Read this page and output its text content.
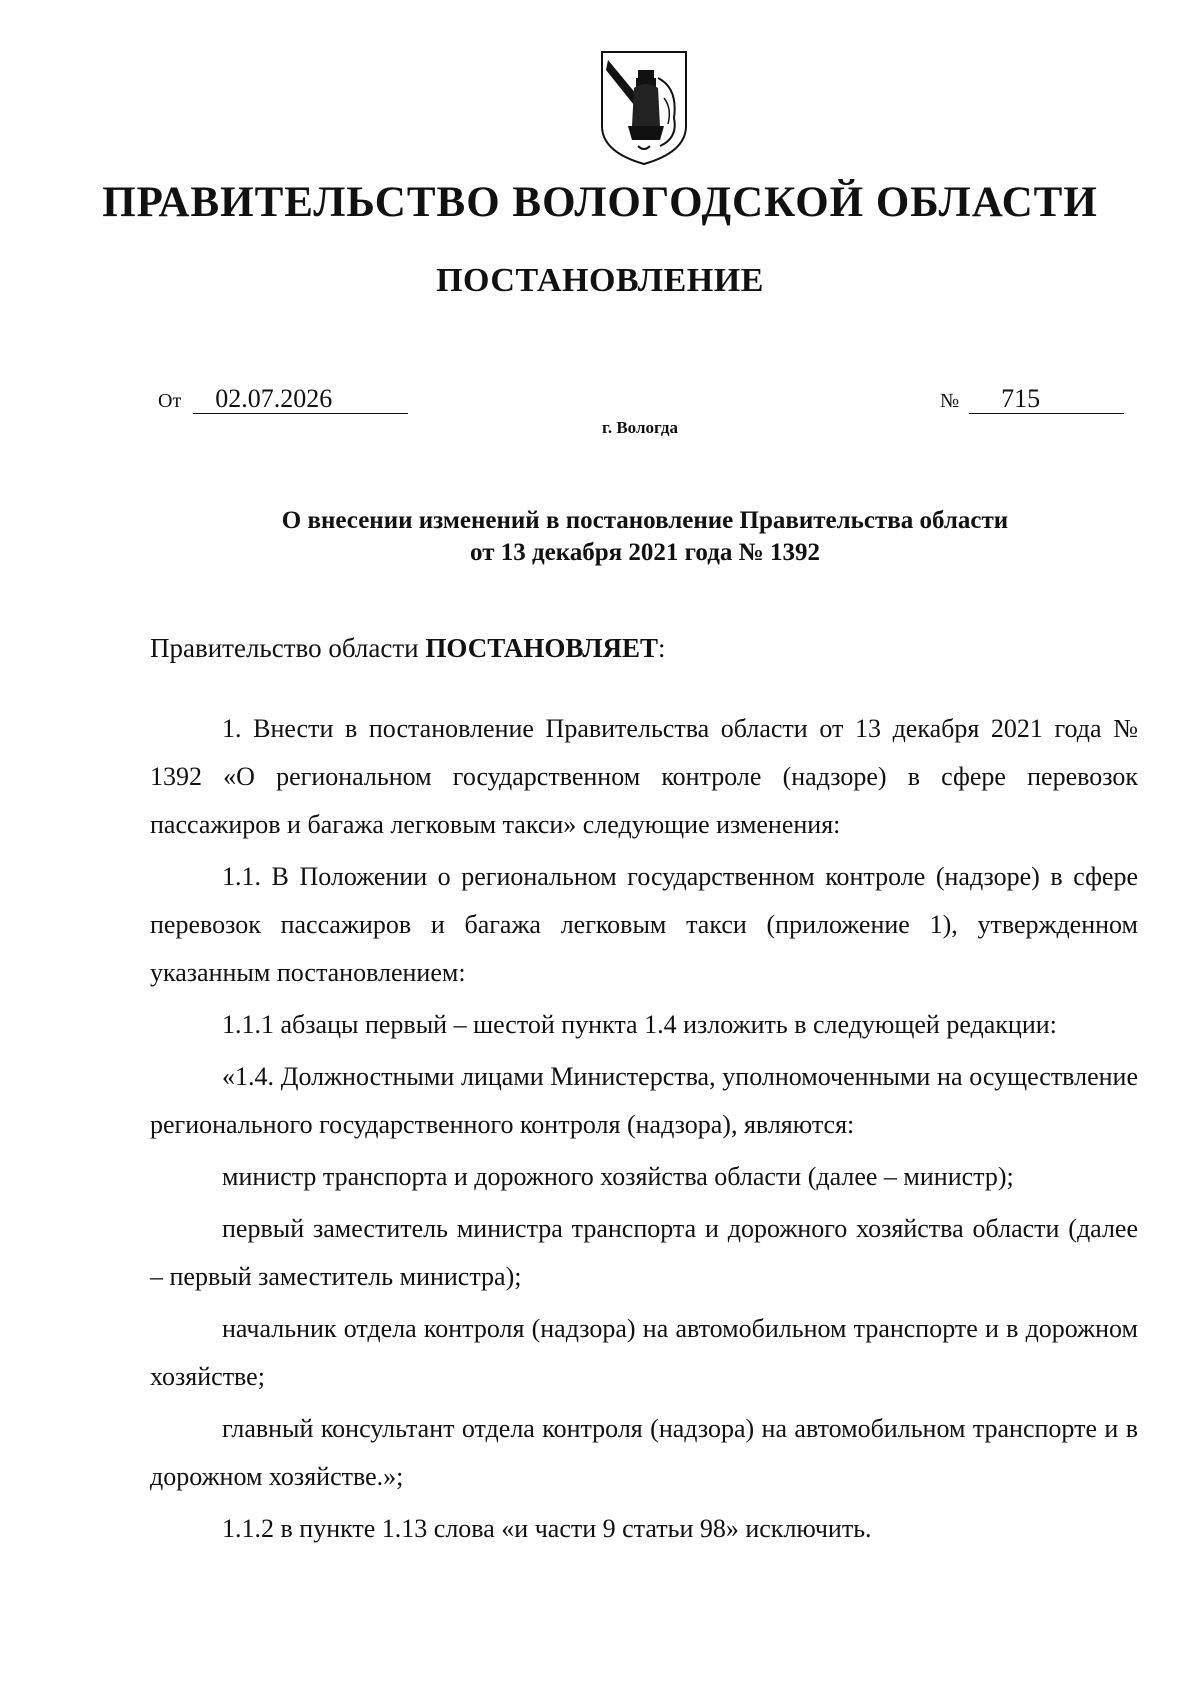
ПРАВИТЕЛЬСТВО ВОЛОГОДСКОЙ ОБЛАСТИ
ПОСТАНОВЛЕНИЕ
От 02.07.2026	№ 715
г. Вологда
О внесении изменений в постановление Правительства области
от 13 декабря 2021 года № 1392
Правительство области ПОСТАНОВЛЯЕТ:

1. Внести в постановление Правительства области от 13 декабря 2021 года № 1392 «О региональном государственном контроле (надзоре) в сфере перевозок пассажиров и багажа легковым такси» следующие изменения:

1.1. В Положении о региональном государственном контроле (надзоре) в сфере перевозок пассажиров и багажа легковым такси (приложение 1), утвержденном указанным постановлением:

1.1.1 абзацы первый – шестой пункта 1.4 изложить в следующей редакции:

«1.4. Должностными лицами Министерства, уполномоченными на осуществление регионального государственного контроля (надзора), являются:

министр транспорта и дорожного хозяйства области (далее – министр);

первый заместитель министра транспорта и дорожного хозяйства области (далее – первый заместитель министра);

начальник отдела контроля (надзора) на автомобильном транспорте и в дорожном хозяйстве;

главный консультант отдела контроля (надзора) на автомобильном транспорте и в дорожном хозяйстве.»;

1.1.2 в пункте 1.13 слова «и части 9 статьи 98» исключить.
